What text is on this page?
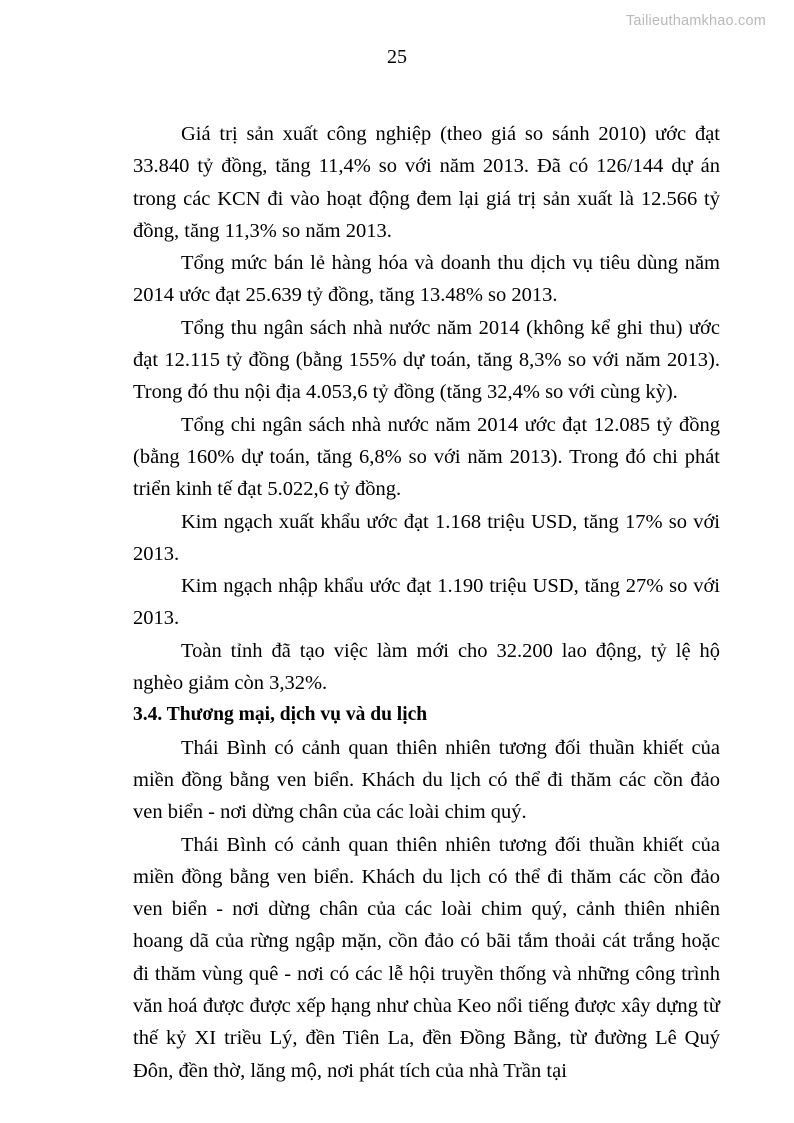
Tailieuthamkhao.com
25

Giá trị sản xuất công nghiệp (theo giá so sánh 2010) ước đạt 33.840 tỷ đồng, tăng 11,4% so với năm 2013. Đã có 126/144 dự án trong các KCN đi vào hoạt động đem lại giá trị sản xuất là 12.566 tỷ đồng, tăng 11,3% so năm 2013.

Tổng mức bán lẻ hàng hóa và doanh thu dịch vụ tiêu dùng năm 2014 ước đạt 25.639 tỷ đồng, tăng 13.48% so 2013.

Tổng thu ngân sách nhà nước năm 2014 (không kể ghi thu) ước đạt 12.115 tỷ đồng (bằng 155% dự toán, tăng 8,3% so với năm 2013). Trong đó thu nội địa 4.053,6 tỷ đồng (tăng 32,4% so với cùng kỳ).

Tổng chi ngân sách nhà nước năm 2014 ước đạt 12.085 tỷ đồng (bằng 160% dự toán, tăng 6,8% so với năm 2013). Trong đó chi phát triển kinh tế đạt 5.022,6 tỷ đồng.

Kim ngạch xuất khẩu ước đạt 1.168 triệu USD, tăng 17% so với 2013.

Kim ngạch nhập khẩu ước đạt 1.190 triệu USD, tăng 27% so với 2013.

Toàn tỉnh đã tạo việc làm mới cho 32.200 lao động, tỷ lệ hộ nghèo giảm còn 3,32%.

3.4. Thương mại, dịch vụ và du lịch

Thái Bình có cảnh quan thiên nhiên tương đối thuần khiết của miền đồng bằng ven biển. Khách du lịch có thể đi thăm các cồn đảo ven biển - nơi dừng chân của các loài chim quý.

Thái Bình có cảnh quan thiên nhiên tương đối thuần khiết của miền đồng bằng ven biển. Khách du lịch có thể đi thăm các cồn đảo ven biển - nơi dừng chân của các loài chim quý, cảnh thiên nhiên hoang dã của rừng ngập mặn, cồn đảo có bãi tắm thoải cát trắng hoặc đi thăm vùng quê - nơi có các lễ hội truyền thống và những công trình văn hoá được được xếp hạng như chùa Keo nổi tiếng được xây dựng từ thế kỷ XI triều Lý, đền Tiên La, đền Đồng Bằng, từ đường Lê Quý Đôn, đền thờ, lăng mộ, nơi phát tích của nhà Trần tại
